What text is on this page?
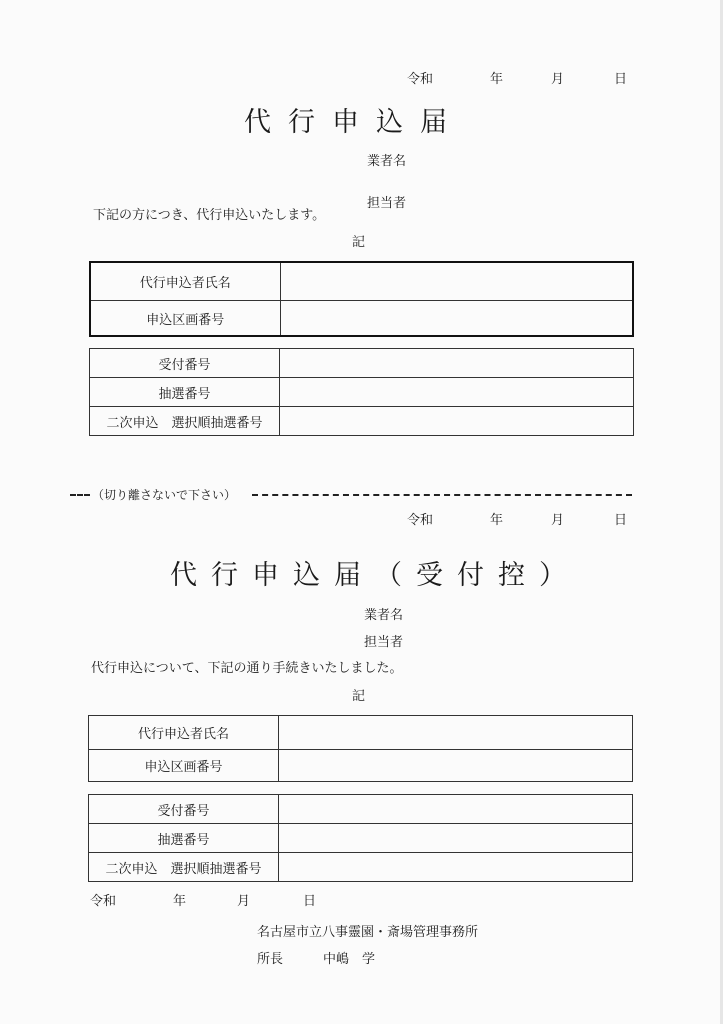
令和	年	月	日
代行申込届
業者名
担当者
下記の方につき、代行申込いたします。
記
代行申込者氏名	
申込区画番号	
受付番号	
抽選番号	
二次申込　選択順抽選番号	
（切り離さないで下さい）
令和	年	月	日
代行申込届（受付控）
業者名
担当者
代行申込について、下記の通り手続きいたしました。
記
代行申込者氏名	
申込区画番号	
受付番号	
抽選番号	
二次申込　選択順抽選番号	
令和	年	月	日
名古屋市立八事靈園・斎場管理事務所
所長	中嶋　学
